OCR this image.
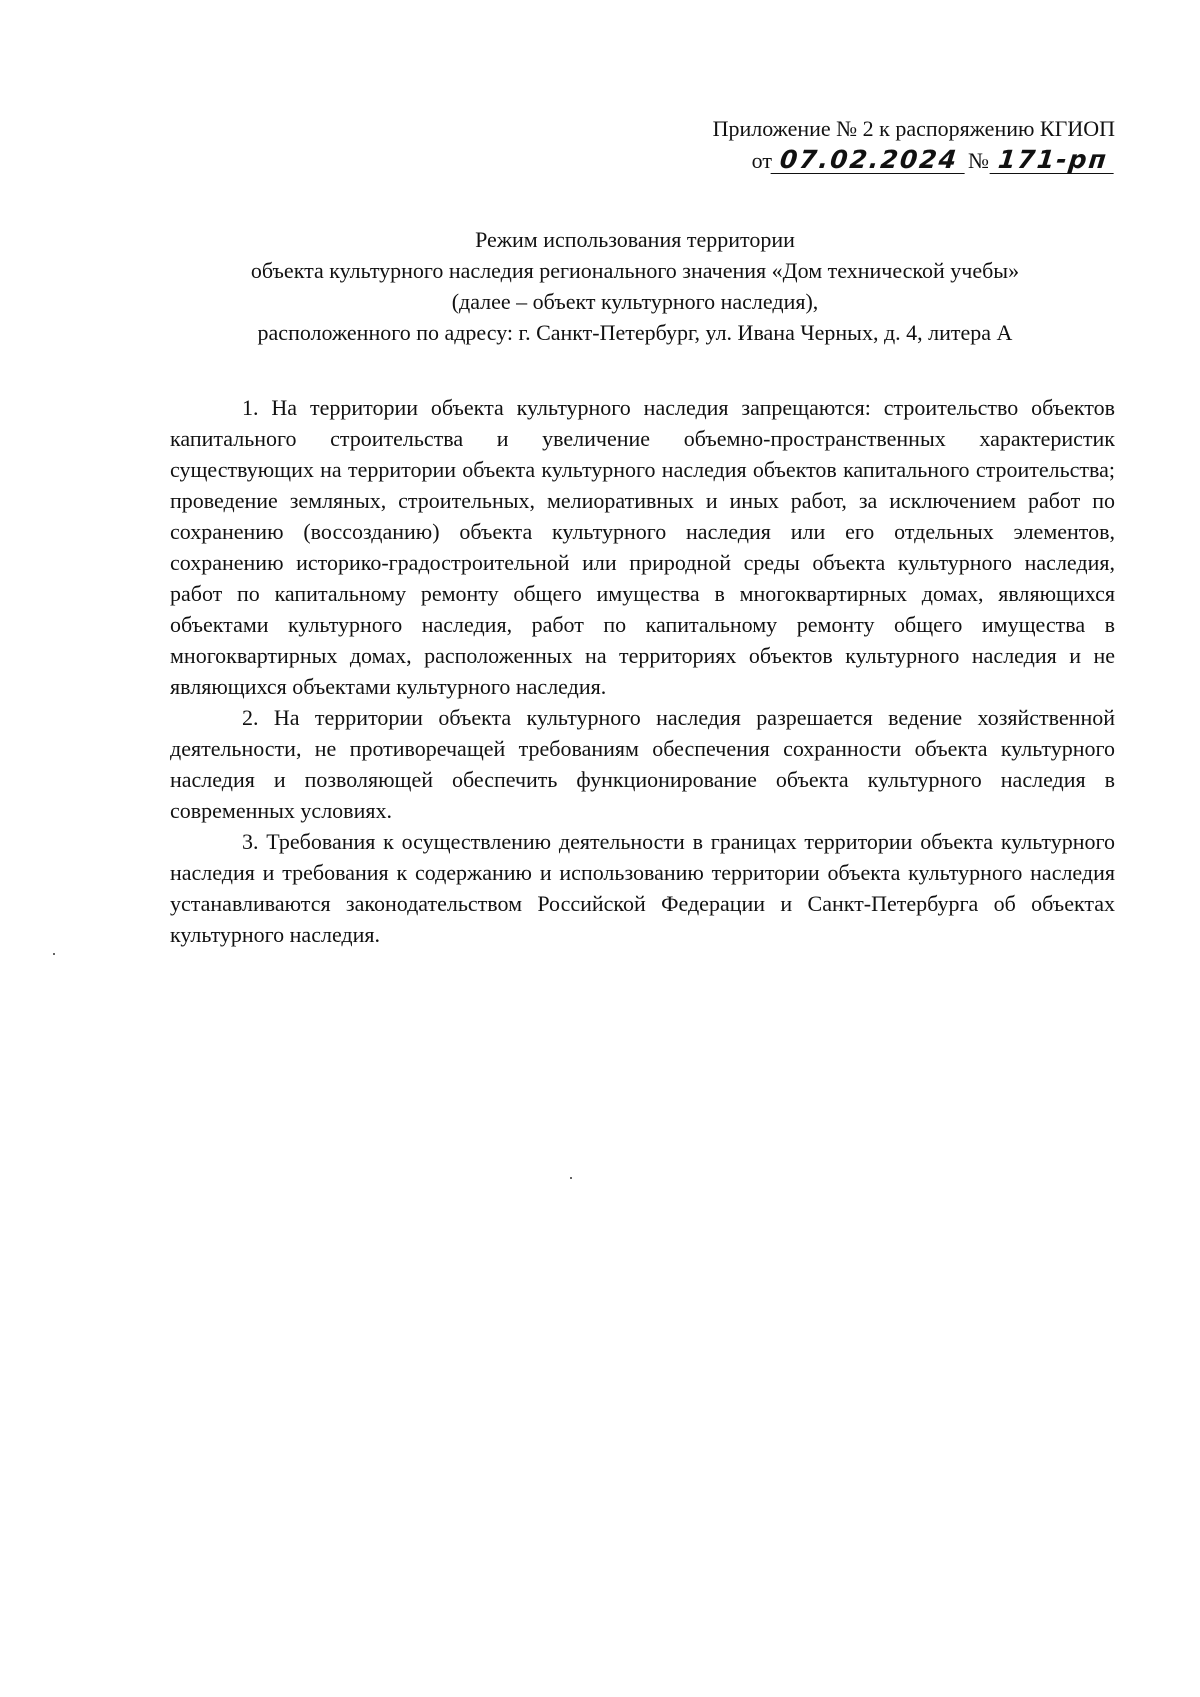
Приложение № 2 к распоряжению КГИОП
от 07.02.2024 № 171-рп
Режим использования территории
объекта культурного наследия регионального значения «Дом технической учебы»
(далее – объект культурного наследия),
расположенного по адресу: г. Санкт-Петербург, ул. Ивана Черных, д. 4, литера А

1. На территории объекта культурного наследия запрещаются: строительство объектов капитального строительства и увеличение объемно-пространственных характеристик существующих на территории объекта культурного наследия объектов капитального строительства; проведение земляных, строительных, мелиоративных и иных работ, за исключением работ по сохранению (воссозданию) объекта культурного наследия или его отдельных элементов, сохранению историко-градостроительной или природной среды объекта культурного наследия, работ по капитальному ремонту общего имущества в многоквартирных домах, являющихся объектами культурного наследия, работ по капитальному ремонту общего имущества в многоквартирных домах, расположенных на территориях объектов культурного наследия и не являющихся объектами культурного наследия.

2. На территории объекта культурного наследия разрешается ведение хозяйственной деятельности, не противоречащей требованиям обеспечения сохранности объекта культурного наследия и позволяющей обеспечить функционирование объекта культурного наследия в современных условиях.

3. Требования к осуществлению деятельности в границах территории объекта культурного наследия и требования к содержанию и использованию территории объекта культурного наследия устанавливаются законодательством Российской Федерации и Санкт-Петербурга об объектах культурного наследия.
